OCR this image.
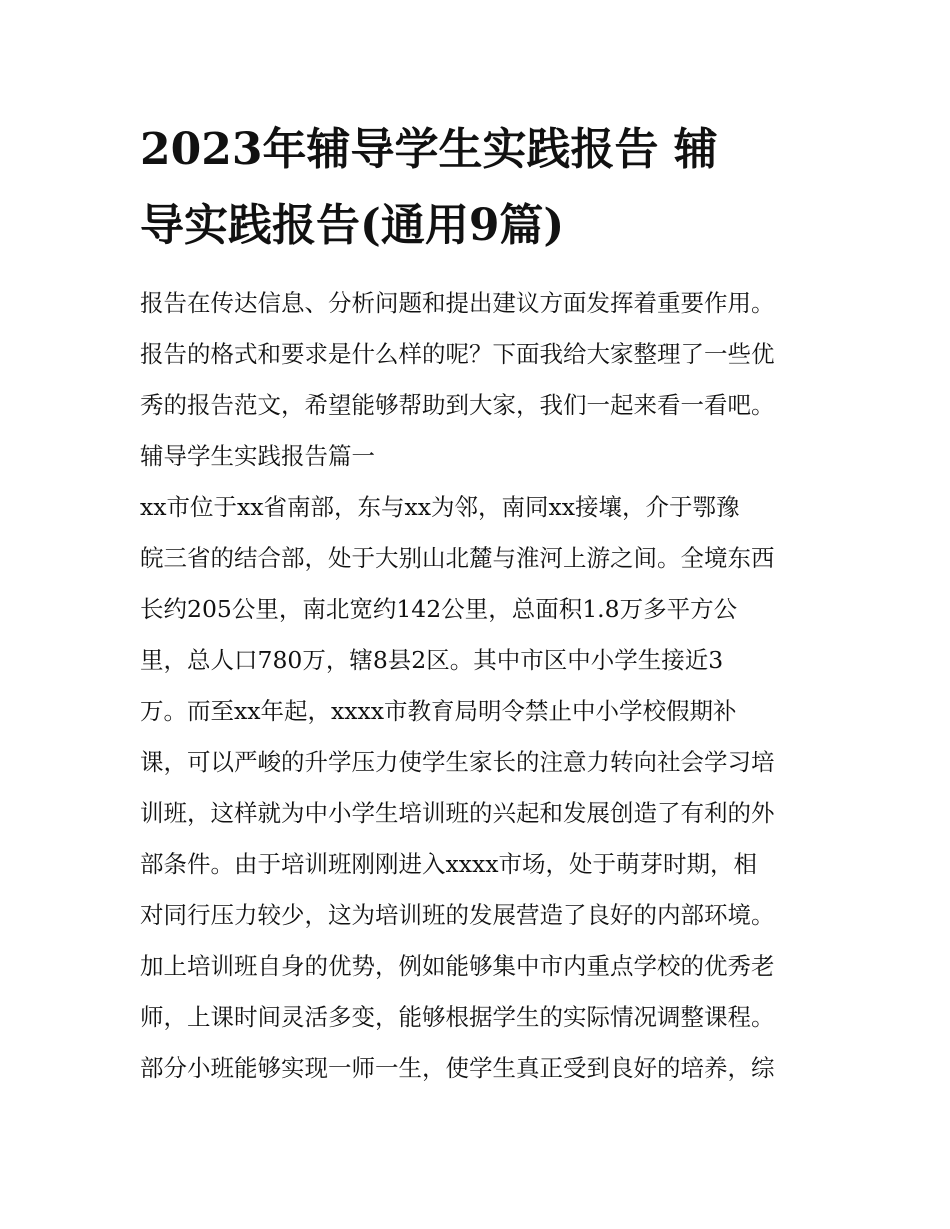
2023年辅导学生实践报告 辅
导实践报告(通用9篇)
报告在传达信息、分析问题和提出建议方面发挥着重要作用。
报告的格式和要求是什么样的呢？下面我给大家整理了一些优
秀的报告范文，希望能够帮助到大家，我们一起来看一看吧。
辅导学生实践报告篇一
xx市位于xx省南部，东与xx为邻，南同xx接壤，介于鄂豫
皖三省的结合部，处于大别山北麓与淮河上游之间。全境东西
长约205公里，南北宽约142公里，总面积1.8万多平方公
里，总人口780万，辖8县2区。其中市区中小学生接近3
万。而至xx年起，xxxx市教育局明令禁止中小学校假期补
课，可以严峻的升学压力使学生家长的注意力转向社会学习培
训班，这样就为中小学生培训班的兴起和发展创造了有利的外
部条件。由于培训班刚刚进入xxxx市场，处于萌芽时期，相
对同行压力较少，这为培训班的发展营造了良好的内部环境。
加上培训班自身的优势，例如能够集中市内重点学校的优秀老
师，上课时间灵活多变，能够根据学生的实际情况调整课程。
部分小班能够实现一师一生，使学生真正受到良好的培养，综
